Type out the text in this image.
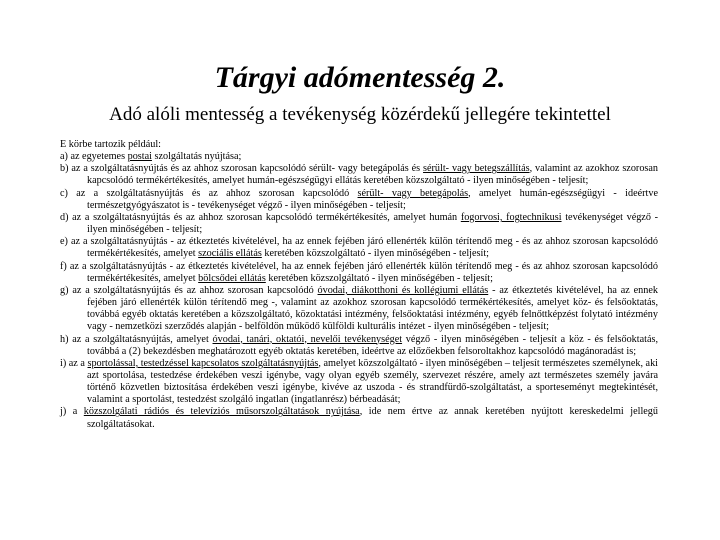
Tárgyi adómentesség 2.
Adó alóli mentesség a tevékenység közérdekű jellegére tekintettel

E körbe tartozik például:

a) az egyetemes postai szolgáltatás nyújtása;

b) az a szolgáltatásnyújtás és az ahhoz szorosan kapcsolódó sérült- vagy betegápolás és sérült- vagy betegszállítás, valamint az azokhoz szorosan kapcsolódó termékértékesítés, amelyet humán-egészségügyi ellátás keretében közszolgáltató - ilyen minőségében - teljesít;

c) az a szolgáltatásnyújtás és az ahhoz szorosan kapcsolódó sérült- vagy betegápolás, amelyet humán-egészségügyi - ideértve természetgyógyászatot is - tevékenységet végző - ilyen minőségében - teljesít;

d) az a szolgáltatásnyújtás és az ahhoz szorosan kapcsolódó termékértékesítés, amelyet humán fogorvosi, fogtechnikusi tevékenységet végző - ilyen minőségében - teljesít;

e) az a szolgáltatásnyújtás - az étkeztetés kivételével, ha az ennek fejében járó ellenérték külön térítendő meg - és az ahhoz szorosan kapcsolódó termékértékesítés, amelyet szociális ellátás keretében közszolgáltató - ilyen minőségében - teljesít;

f) az a szolgáltatásnyújtás - az étkeztetés kivételével, ha az ennek fejében járó ellenérték külön térítendő meg - és az ahhoz szorosan kapcsolódó termékértékesítés, amelyet bölcsődei ellátás keretében közszolgáltató - ilyen minőségében - teljesít;

g) az a szolgáltatásnyújtás és az ahhoz szorosan kapcsolódó óvodai, diákotthoni és kollégiumi ellátás - az étkeztetés kivételével, ha az ennek fejében járó ellenérték külön térítendő meg -, valamint az azokhoz szorosan kapcsolódó termékértékesítés, amelyet köz- és felsőoktatás, továbbá egyéb oktatás keretében a közszolgáltató, közoktatási intézmény, felsőoktatási intézmény, egyéb felnőttképzést folytató intézmény vagy - nemzetközi szerződés alapján - belföldön működő külföldi kulturális intézet - ilyen minőségében - teljesít;

h) az a szolgáltatásnyújtás, amelyet óvodai, tanári, oktatói, nevelői tevékenységet végző - ilyen minőségében - teljesít a köz - és felsőoktatás, továbbá a (2) bekezdésben meghatározott egyéb oktatás keretében, ideértve az előzőekben felsoroltakhoz kapcsolódó magánoradást is;

i) az a sportolással, testedzéssel kapcsolatos szolgáltatásnyújtás, amelyet közszolgáltató - ilyen minőségében – teljesít természetes személynek, aki azt sportolása, testedzése érdekében veszi igénybe, vagy olyan egyéb személy, szervezet részére, amely azt természetes személy javára történő közvetlen biztosítása érdekében veszi igénybe, kivéve az uszoda - és strandfürdő-szolgáltatást, a sporteseményt megtekintését, valamint a sportolást, testedzést szolgáló ingatlan (ingatlanrész) bérbeadását;

j) a közszolgálati rádiós és televíziós műsorszolgáltatások nyújtása, ide nem értve az annak keretében nyújtott kereskedelmi jellegű szolgáltatásokat.
